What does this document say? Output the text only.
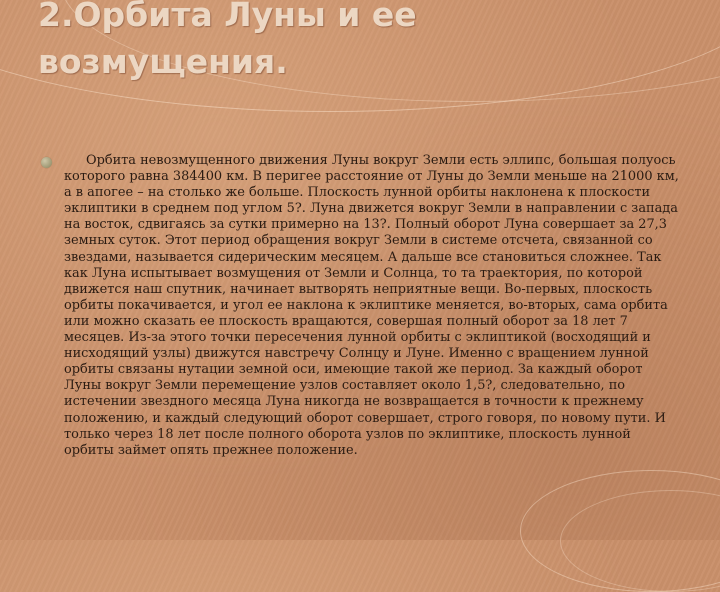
2.Орбита Луны и ее
возмущения.

Орбита невозмущенного движения Луны вокруг Земли есть эллипс, большая полуось которого равна 384400 км. В перигее расстояние от Луны до Земли меньше на 21000 км, а в апогее – на столько же больше. Плоскость лунной орбиты наклонена к плоскости эклиптики в среднем под углом 5?. Луна движется вокруг Земли в направлении с запада на восток, сдвигаясь за сутки примерно на 13?. Полный оборот Луна совершает за 27,3 земных суток. Этот период обращения вокруг Земли в системе отсчета, связанной со звездами, называется сидерическим месяцем. А дальше все становиться сложнее. Так как Луна испытывает возмущения от Земли и Солнца, то та траектория, по которой движется наш спутник, начинает вытворять неприятные вещи. Во-первых, плоскость орбиты покачивается, и угол ее наклона к эклиптике меняется, во-вторых, сама орбита или можно сказать ее плоскость вращаются, совершая полный оборот за 18 лет 7 месяцев. Из-за этого точки пересечения лунной орбиты с эклиптикой (восходящий и нисходящий узлы) движутся навстречу Солнцу и Луне. Именно с вращением лунной орбиты связаны нутации земной оси, имеющие такой же период. За каждый оборот Луны вокруг Земли перемещение узлов составляет около 1,5?, следовательно, по истечении звездного месяца Луна никогда не возвращается в точности к прежнему положению, и каждый следующий оборот совершает, строго говоря, по новому пути. И только через 18 лет после полного оборота узлов по эклиптике, плоскость лунной орбиты займет опять прежнее положение.
